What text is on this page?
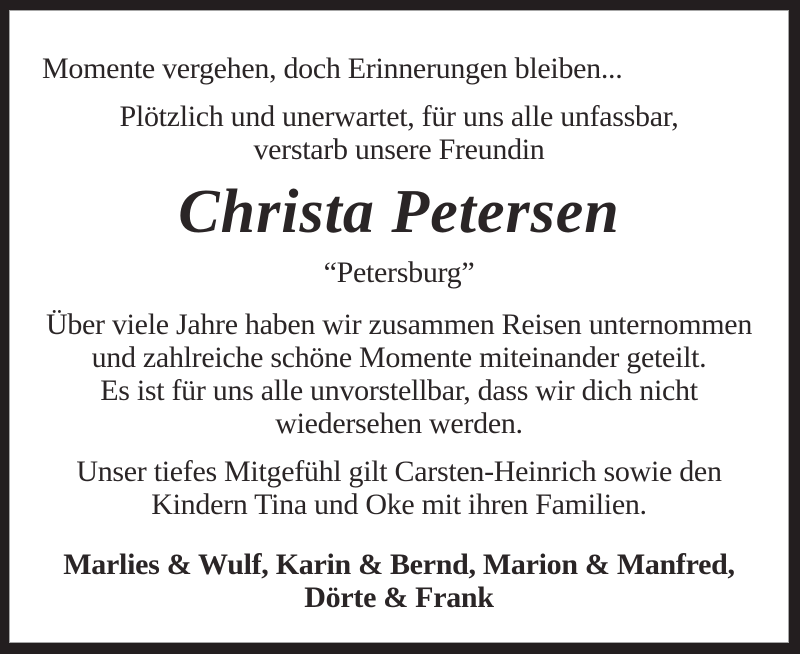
Momente vergehen, doch Erinnerungen bleiben...

Plötzlich und unerwartet, für uns alle unfassbar,

verstarb unsere Freundin

Christa Petersen

“Petersburg”

Über viele Jahre haben wir zusammen Reisen unternommen

und zahlreiche schöne Momente miteinander geteilt.

Es ist für uns alle unvorstellbar, dass wir dich nicht

wiedersehen werden.

Unser tiefes Mitgefühl gilt Carsten-Heinrich sowie den

Kindern Tina und Oke mit ihren Familien.

Marlies & Wulf, Karin & Bernd, Marion & Manfred,

Dörte & Frank
